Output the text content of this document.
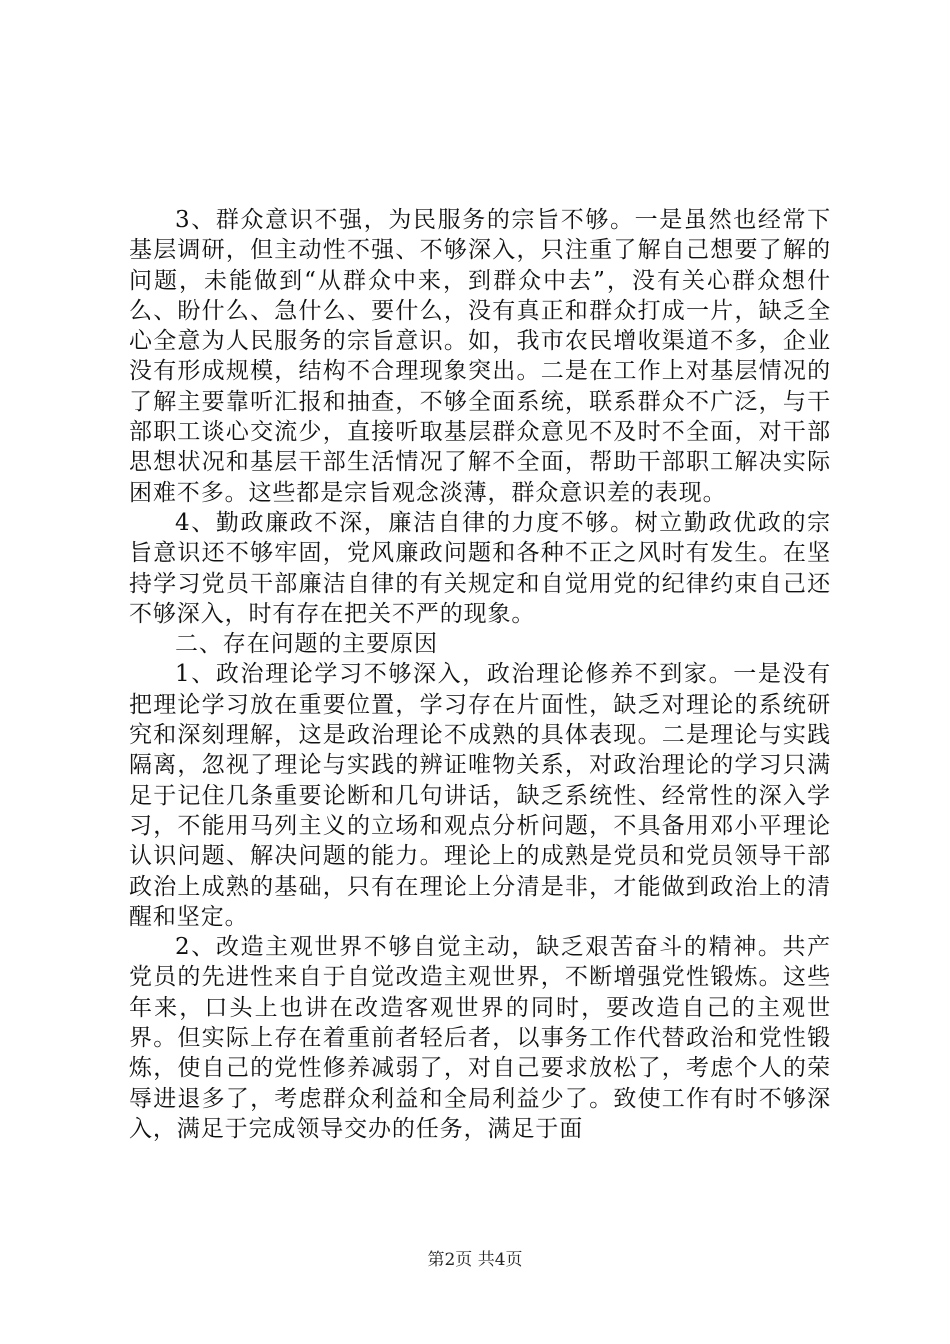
3、群众意识不强，为民服务的宗旨不够。一是虽然也经常下基层调研，但主动性不强、不够深入，只注重了解自己想要了解的问题，未能做到“从群众中来，到群众中去”，没有关心群众想什么、盼什么、急什么、要什么，没有真正和群众打成一片，缺乏全心全意为人民服务的宗旨意识。如，我市农民增收渠道不多，企业没有形成规模，结构不合理现象突出。二是在工作上对基层情况的了解主要靠听汇报和抽查，不够全面系统，联系群众不广泛，与干部职工谈心交流少，直接听取基层群众意见不及时不全面，对干部思想状况和基层干部生活情况了解不全面，帮助干部职工解决实际困难不多。这些都是宗旨观念淡薄，群众意识差的表现。

4、勤政廉政不深，廉洁自律的力度不够。树立勤政优政的宗旨意识还不够牢固，党风廉政问题和各种不正之风时有发生。在坚持学习党员干部廉洁自律的有关规定和自觉用党的纪律约束自己还不够深入，时有存在把关不严的现象。

二、存在问题的主要原因

1、政治理论学习不够深入，政治理论修养不到家。一是没有把理论学习放在重要位置，学习存在片面性，缺乏对理论的系统研究和深刻理解，这是政治理论不成熟的具体表现。二是理论与实践隔离，忽视了理论与实践的辨证唯物关系，对政治理论的学习只满足于记住几条重要论断和几句讲话，缺乏系统性、经常性的深入学习，不能用马列主义的立场和观点分析问题，不具备用邓小平理论认识问题、解决问题的能力。理论上的成熟是党员和党员领导干部政治上成熟的基础，只有在理论上分清是非，才能做到政治上的清醒和坚定。

2、改造主观世界不够自觉主动，缺乏艰苦奋斗的精神。共产党员的先进性来自于自觉改造主观世界，不断增强党性锻炼。这些年来，口头上也讲在改造客观世界的同时，要改造自己的主观世界。但实际上存在着重前者轻后者，以事务工作代替政治和党性锻炼，使自己的党性修养减弱了，对自己要求放松了，考虑个人的荣辱进退多了，考虑群众利益和全局利益少了。致使工作有时不够深入，满足于完成领导交办的任务，满足于面

第2页 共4页
